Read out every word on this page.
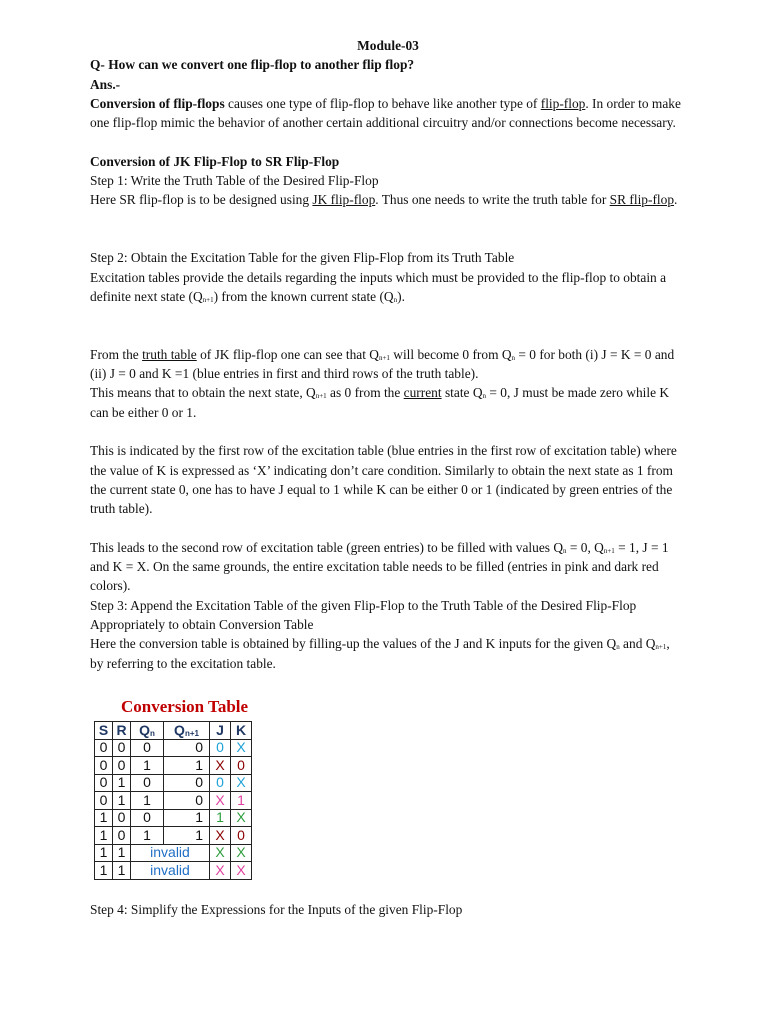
Module-03

Q- How can we convert one flip-flop to another flip flop?

Ans.-

Conversion of flip-flops causes one type of flip-flop to behave like another type of flip-flop. In order to make one flip-flop mimic the behavior of another certain additional circuitry and/or connections become necessary.

Conversion of JK Flip-Flop to SR Flip-Flop

Step 1: Write the Truth Table of the Desired Flip-Flop

Here SR flip-flop is to be designed using JK flip-flop. Thus one needs to write the truth table for SR flip-flop.

Step 2: Obtain the Excitation Table for the given Flip-Flop from its Truth Table

Excitation tables provide the details regarding the inputs which must be provided to the flip-flop to obtain a definite next state $(Q_{n+1})$ from the known current state $(Q_n)$.

From the truth table of JK flip-flop one can see that $Q_{n+1}$ will become 0 from $Q_n = 0$ for both (i) J = K = 0 and (ii) J = 0 and K =1 (blue entries in first and third rows of the truth table).

This means that to obtain the next state, $Q_{n+1}$ as 0 from the current state $Q_n = 0$, J must be made zero while K can be either 0 or 1.

This is indicated by the first row of the excitation table (blue entries in the first row of excitation table) where the value of K is expressed as ‘X’ indicating don’t care condition. Similarly to obtain the next state as 1 from the current state 0, one has to have J equal to 1 while K can be either 0 or 1 (indicated by green entries of the truth table).

This leads to the second row of excitation table (green entries) to be filled with values $Q_n = 0$, $Q_{n+1} = 1$, J = 1 and K = X. On the same grounds, the entire excitation table needs to be filled (entries in pink and dark red colors).

Step 3: Append the Excitation Table of the given Flip-Flop to the Truth Table of the Desired Flip-Flop Appropriately to obtain Conversion Table

Here the conversion table is obtained by filling-up the values of the J and K inputs for the given $Q_n$ and $Q_{n+1}$, by referring to the excitation table.

Conversion Table
S	R	$Q_n$	$Q_{n+1}$	J	K
0	0	0	0	0	X
0	0	1	1	X	0
0	1	0	0	0	X
0	1	1	0	X	1
1	0	0	1	1	X
1	0	1	1	X	0
1	1	invalid		X	X
1	1	invalid		X	X

Step 4: Simplify the Expressions for the Inputs of the given Flip-Flop
